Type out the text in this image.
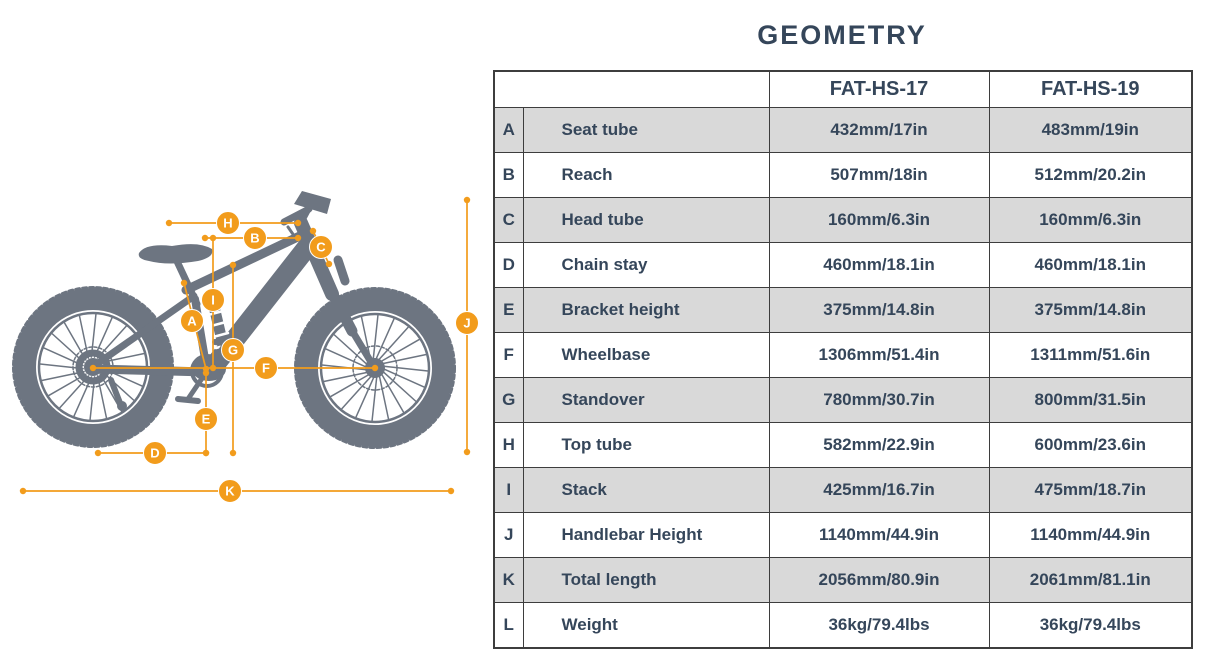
A
B
C
D
E
F
G
H
I
J
K
GEOMETRY
		FAT-HS-17	FAT-HS-19
A	Seat tube	432mm/17in	483mm/19in
B	Reach	507mm/18in	512mm/20.2in
C	Head tube	160mm/6.3in	160mm/6.3in
D	Chain stay	460mm/18.1in	460mm/18.1in
E	Bracket height	375mm/14.8in	375mm/14.8in
F	Wheelbase	1306mm/51.4in	1311mm/51.6in
G	Standover	780mm/30.7in	800mm/31.5in
H	Top tube	582mm/22.9in	600mm/23.6in
I	Stack	425mm/16.7in	475mm/18.7in
J	Handlebar Height	1140mm/44.9in	1140mm/44.9in
K	Total length	2056mm/80.9in	2061mm/81.1in
L	Weight	36kg/79.4lbs	36kg/79.4lbs
